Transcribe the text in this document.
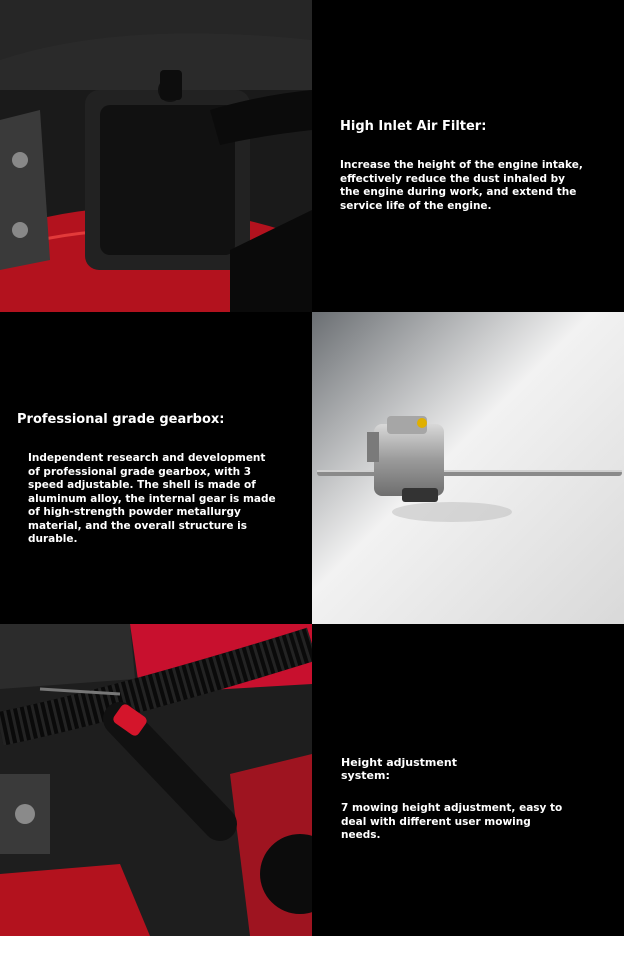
High Inlet Air Filter:
Increase the height of the engine intake, effectively reduce the dust inhaled by the engine during work, and extend the service life of the engine.
Professional grade gearbox:
Independent research and development of professional grade gearbox, with 3 speed adjustable. The shell is made of aluminum alloy, the internal gear is made of high-strength powder metallurgy material, and the overall structure is durable.
Height adjustment system:
7 mowing height adjustment, easy to deal with different user mowing needs.
